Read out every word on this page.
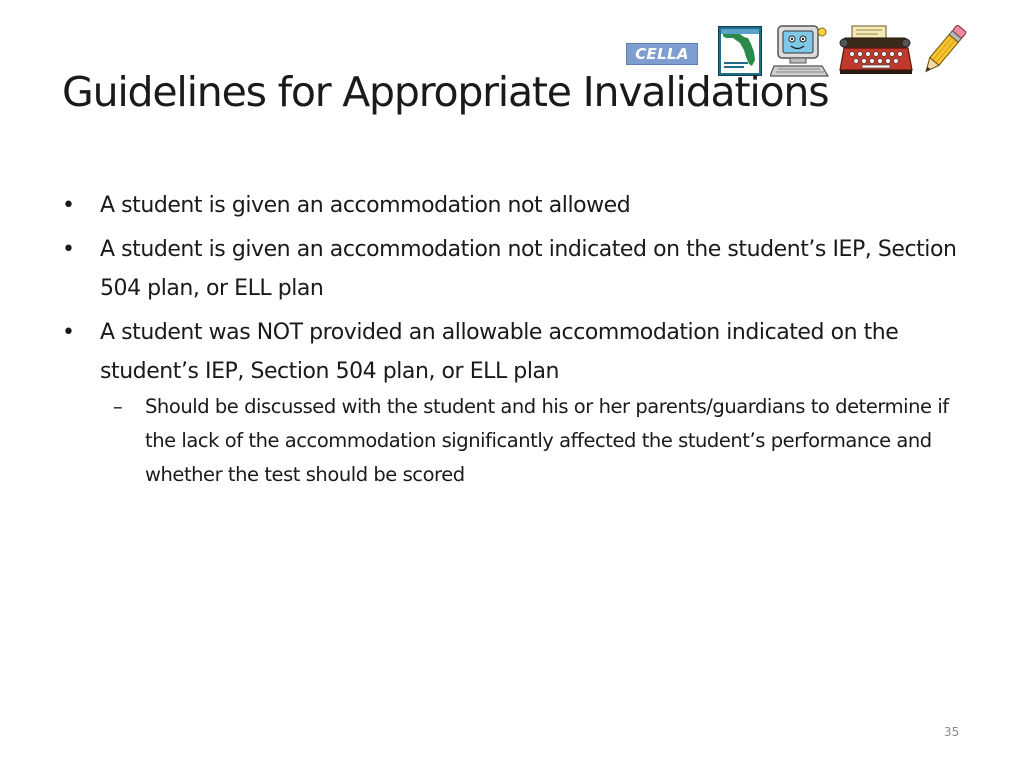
CELLA
Guidelines for Appropriate Invalidations
•	A student is given an accommodation not allowed
•	A student is given an accommodation not indicated on the student’s IEP, Section 504 plan, or ELL plan
•	A student was NOT provided an allowable accommodation indicated on the student’s IEP, Section 504 plan, or ELL plan
– Should be discussed with the student and his or her parents/guardians to determine if the lack of the accommodation significantly affected the student’s performance and whether the test should be scored
35
